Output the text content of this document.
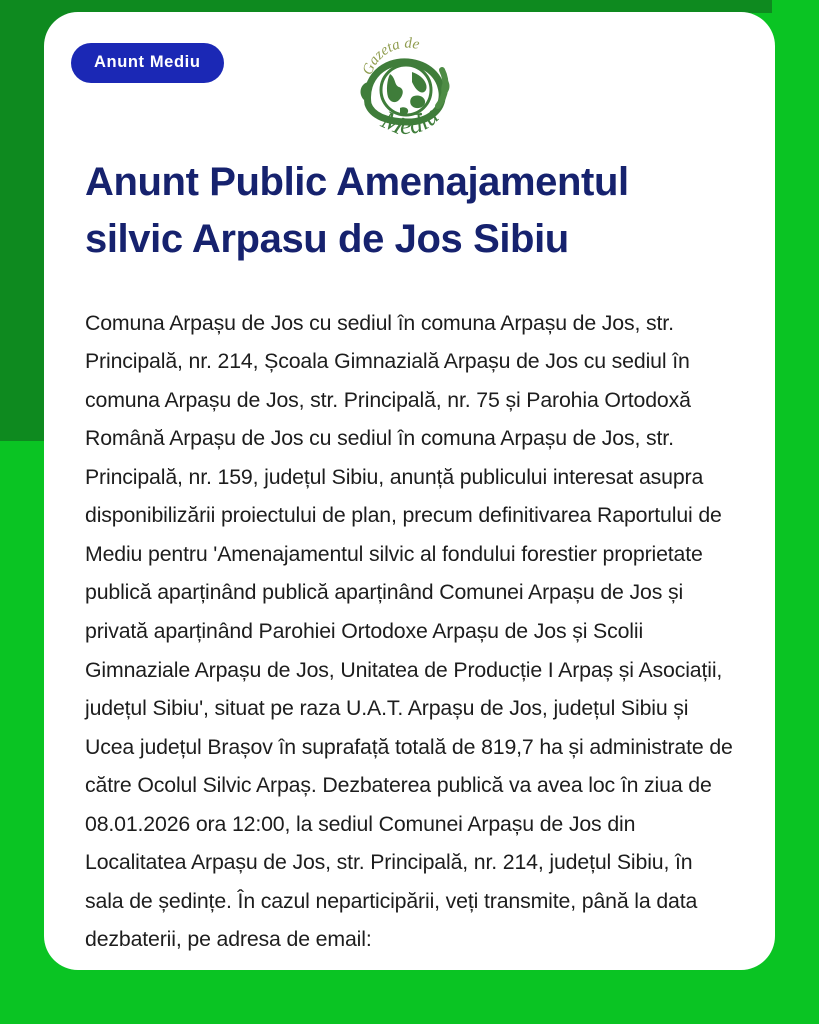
Anunt Mediu	Gazeta de
Mediu
Anunt Public Amenajamentul silvic Arpasu de Jos Sibiu

Comuna Arpașu de Jos cu sediul în comuna Arpașu de Jos, str. Principală, nr. 214, Școala Gimnazială Arpașu de Jos cu sediul în comuna Arpașu de Jos, str. Principală, nr. 75 și Parohia Ortodoxă Română Arpașu de Jos cu sediul în comuna Arpașu de Jos, str. Principală, nr. 159, județul Sibiu, anunță publicului interesat asupra disponibilizării proiectului de plan, precum definitivarea Raportului de Mediu pentru 'Amenajamentul silvic al fondului forestier proprietate publică aparținând publică aparținând Comunei Arpașu de Jos și privată aparținând Parohiei Ortodoxe Arpașu de Jos și Scolii Gimnaziale Arpașu de Jos, Unitatea de Producție I Arpaș și Asociații, județul Sibiu', situat pe raza U.A.T. Arpașu de Jos, județul Sibiu și Ucea județul Brașov în suprafață totală de 819,7 ha și administrate de către Ocolul Silvic Arpaș. Dezbaterea publică va avea loc în ziua de 08.01.2026 ora 12:00, la sediul Comunei Arpașu de Jos din Localitatea Arpașu de Jos, str. Principală, nr. 214, județul Sibiu, în sala de ședințe. În cazul neparticipării, veți transmite, până la data dezbaterii, pe adresa de email:
